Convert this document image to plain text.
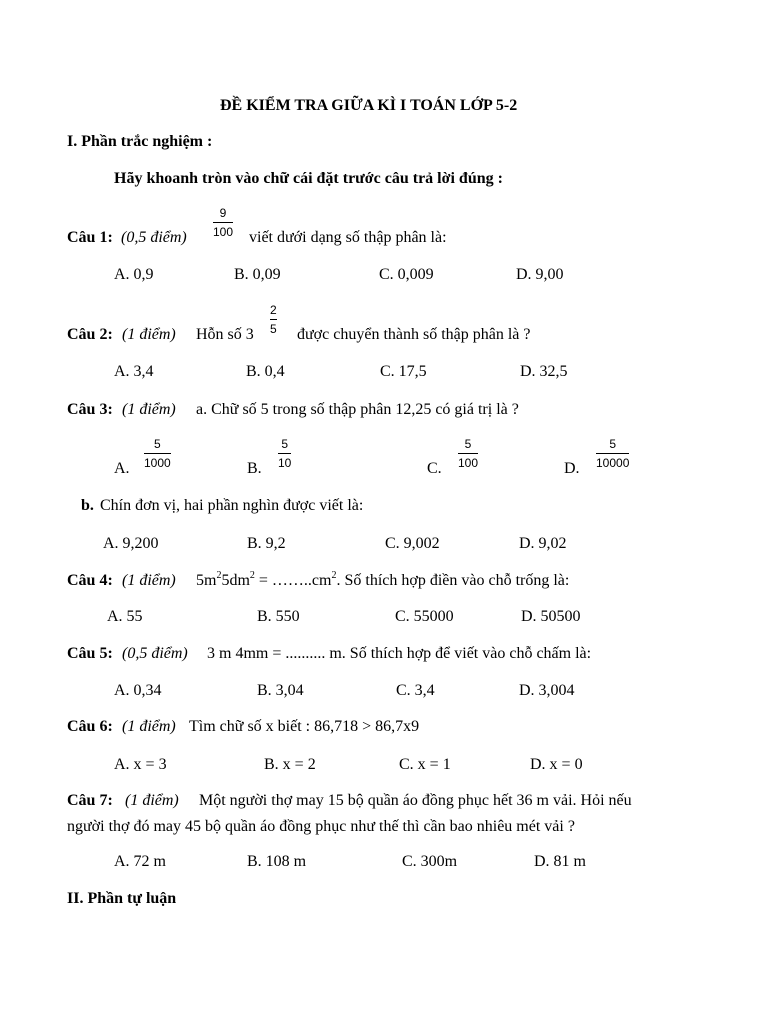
ĐỀ KIỂM TRA GIỮA KÌ I TOÁN LỚP 5-2
I. Phần trắc nghiệm :
Hãy khoanh tròn vào chữ cái đặt trước câu trả lời đúng :
Câu 1: (0,5 điểm)
9
100 viết dưới dạng số thập phân là:
A. 0,9	B. 0,09	C. 0,009	D. 9,00
Câu 2: (1 điểm) Hỗn số 3
2
5 được chuyển thành số thập phân là ?
A. 3,4	B. 0,4	C. 17,5	D. 32,5
Câu 3: (1 điểm) a. Chữ số 5 trong số thập phân 12,25 có giá trị là ?
A.
5
1000	B.
5
10	C.
5
100	D.
5
10000
b. Chín đơn vị, hai phần nghìn được viết là:
A. 9,200	B. 9,2	C. 9,002	D. 9,02
Câu 4: (1 điểm) $5m^25dm^2$ = $\dots\dots..cm^2$. Số thích hợp điền vào chỗ trống là:
A. 55	B. 550	C. 55000	D. 50500
Câu 5: (0,5 điểm) 3 m 4mm = .......... m. Số thích hợp để viết vào chỗ chấm là:
A. 0,34	B. 3,04	C. 3,4	D. 3,004
Câu 6: (1 điểm) Tìm chữ số x biết : 86,718 > 86,7x9
A. x = 3	B. x = 2	C. x = 1	D. x = 0
Câu 7: (1 điểm) Một người thợ may 15 bộ quần áo đồng phục hết 36 m vải. Hỏi nếu
người thợ đó may 45 bộ quần áo đồng phục như thế thì cần bao nhiêu mét vải ?
A. 72 m	B. 108 m	C. 300m	D. 81 m
II. Phần tự luận
